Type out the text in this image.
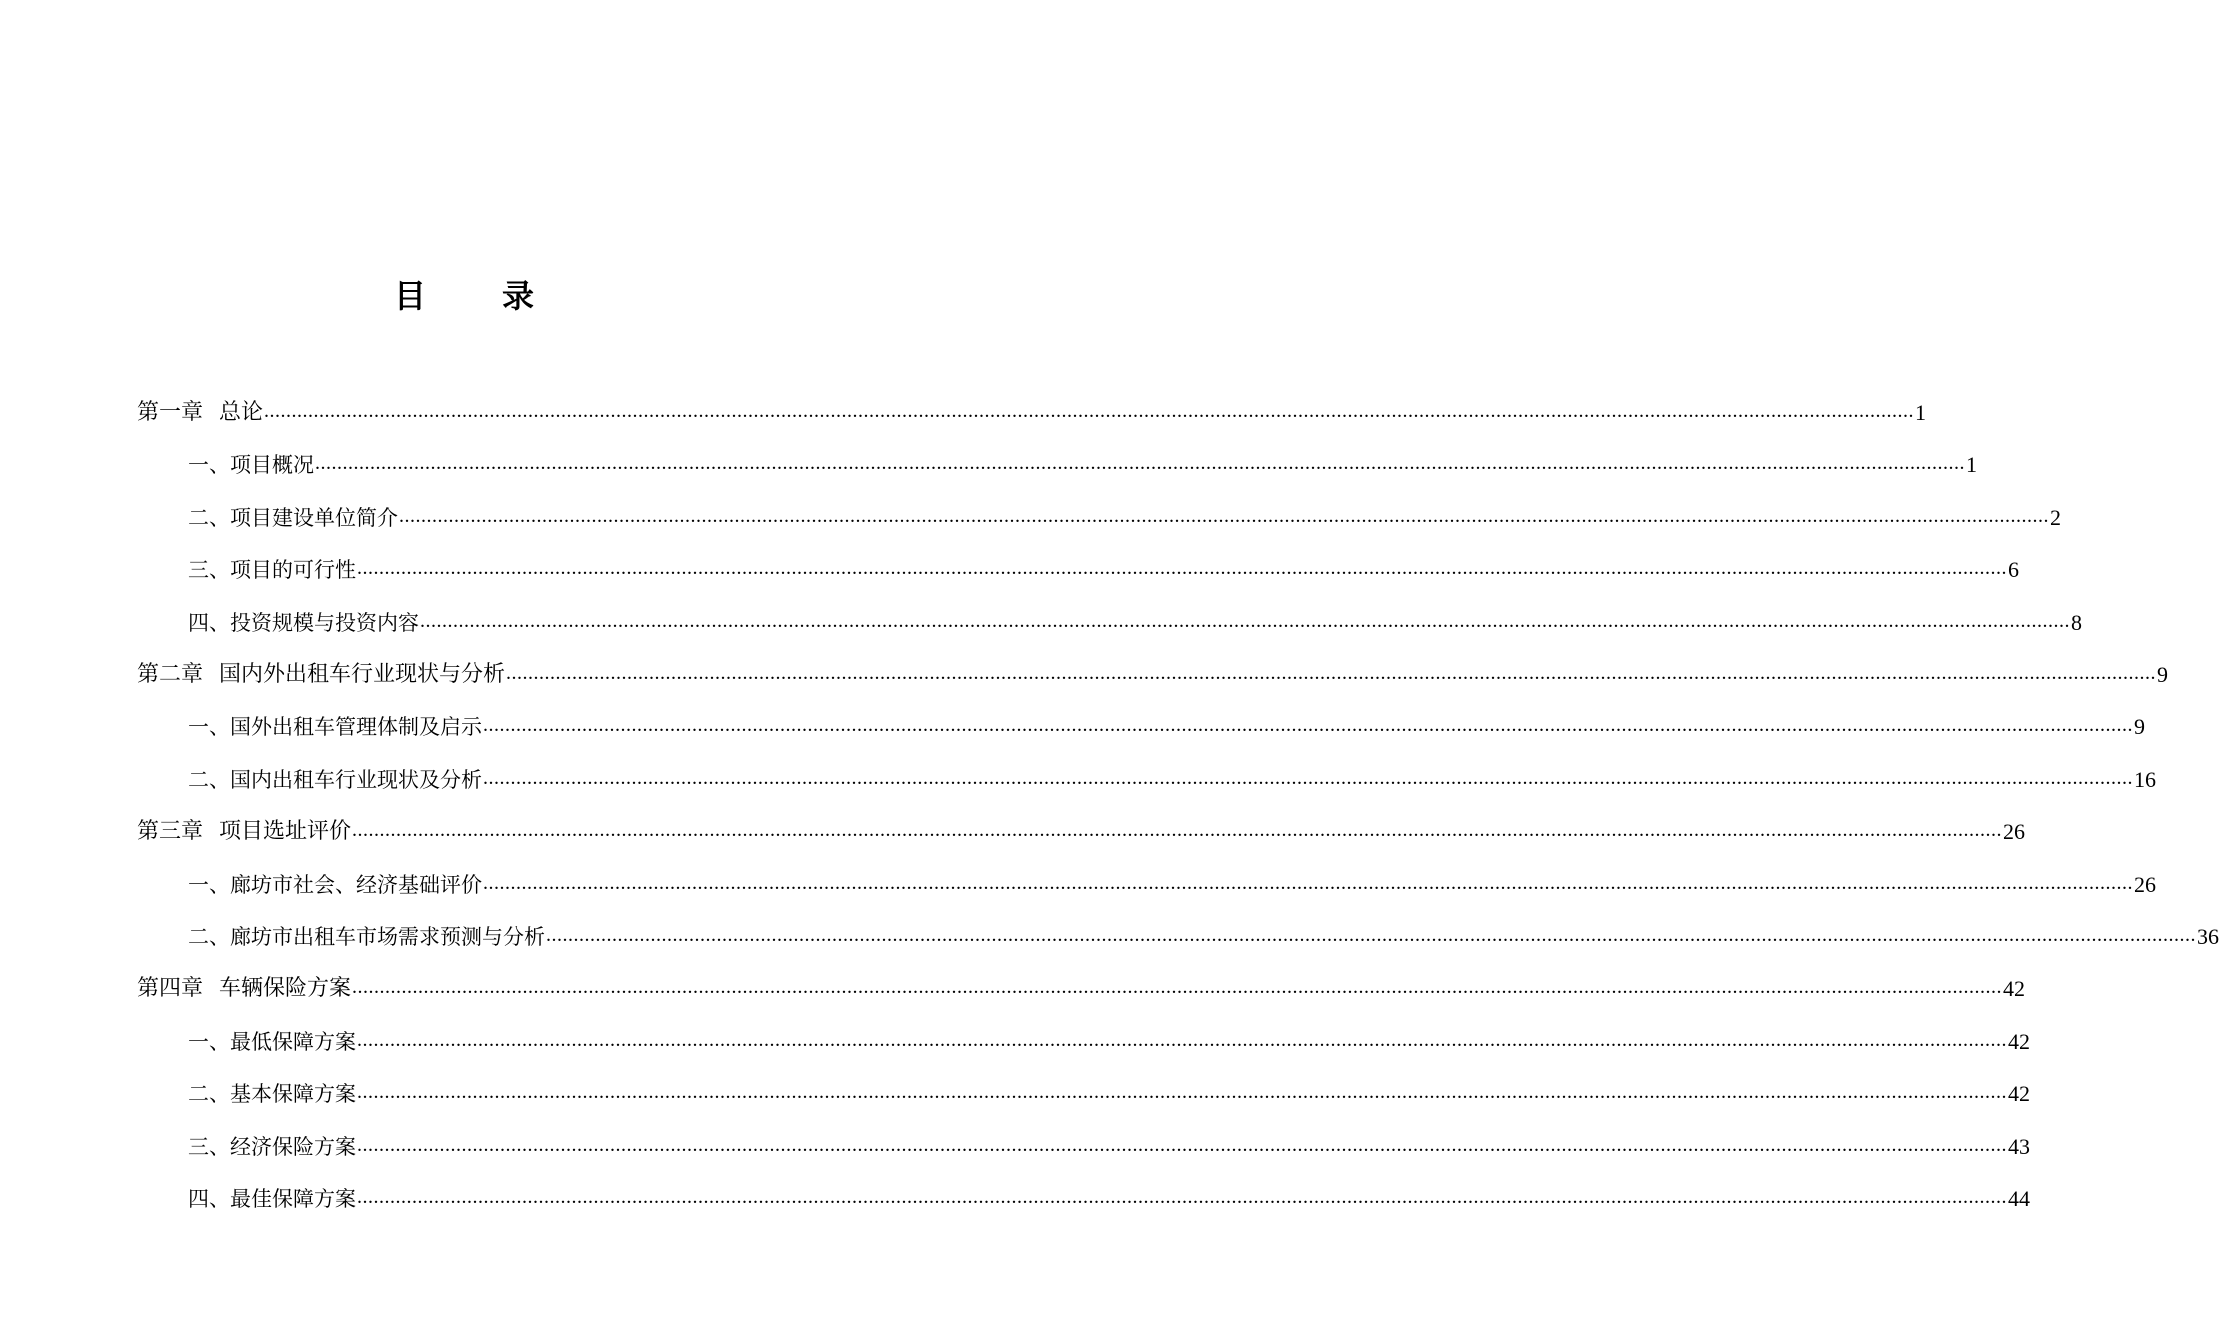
目　录
第一章 总论 ............................................................................................................................................................................................................................................................................................................ 1
一、项目概况 ............................................................................................................................................................................................................................................................................................................ 1
二、项目建设单位简介 ............................................................................................................................................................................................................................................................................................................ 2
三、项目的可行性 ............................................................................................................................................................................................................................................................................................................ 6
四、投资规模与投资内容 ............................................................................................................................................................................................................................................................................................................ 8
第二章 国内外出租车行业现状与分析 ............................................................................................................................................................................................................................................................................................................ 9
一、国外出租车管理体制及启示 ............................................................................................................................................................................................................................................................................................................ 9
二、国内出租车行业现状及分析 ............................................................................................................................................................................................................................................................................................................ 16
第三章 项目选址评价 ............................................................................................................................................................................................................................................................................................................ 26
一、廊坊市社会、经济基础评价 ............................................................................................................................................................................................................................................................................................................ 26
二、廊坊市出租车市场需求预测与分析 ............................................................................................................................................................................................................................................................................................................ 36
第四章 车辆保险方案 ............................................................................................................................................................................................................................................................................................................ 42
一、最低保障方案 ............................................................................................................................................................................................................................................................................................................ 42
二、基本保障方案 ............................................................................................................................................................................................................................................................................................................ 42
三、经济保险方案 ............................................................................................................................................................................................................................................................................................................ 43
四、最佳保障方案 ............................................................................................................................................................................................................................................................................................................ 44
